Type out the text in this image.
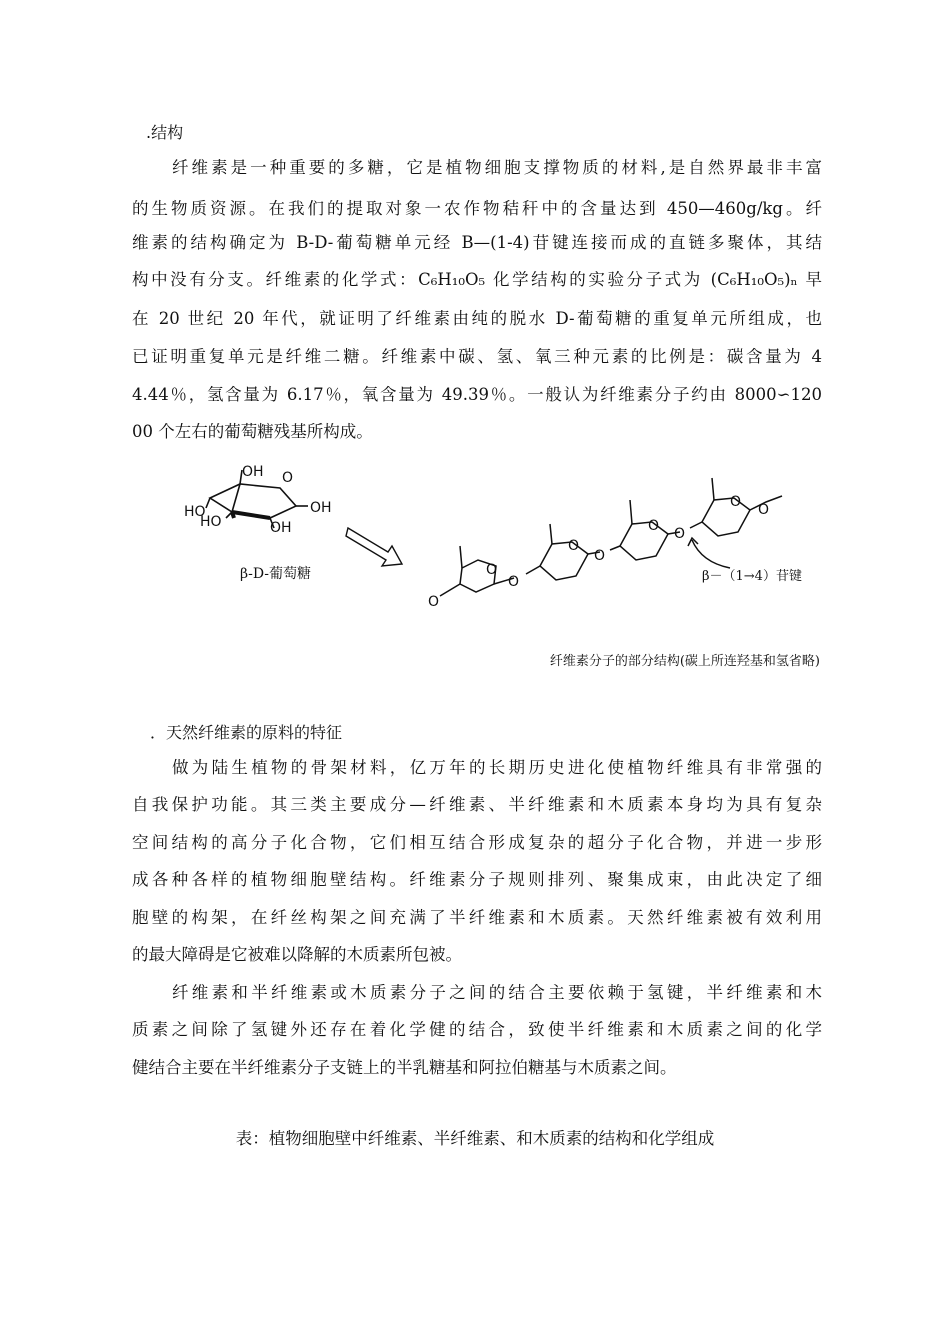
.结构
纤维素是一种重要的多糖，它是植物细胞支撑物质的材料,是自然界最非丰富
的生物质资源。在我们的提取对象一农作物秸秆中的含量达到 450—460g/kg。纤
维素的结构确定为 B-D-葡萄糖单元经 B—(1-4)苷键连接而成的直链多聚体，其结
构中没有分支。纤维素的化学式：C₆H₁₀O₅ 化学结构的实验分子式为 (C₆H₁₀O₅)ₙ 早
在 20 世纪 20 年代，就证明了纤维素由纯的脱水 D-葡萄糖的重复单元所组成，也
已证明重复单元是纤维二糖。纤维素中碳、氢、氧三种元素的比例是：碳含量为 4
4.44％，氢含量为 6.17％，氧含量为 49.39％。一般认为纤维素分子约由 8000∽120
00 个左右的葡萄糖残基所构成。
OH O
HO
HO	OH
OH
β-D-葡萄糖	O
O
O
O
O
O
O
O
O
β－（1→4）苷键
纤维素分子的部分结构(碳上所连羟基和氢省略)
．天然纤维素的原料的特征
做为陆生植物的骨架材料，亿万年的长期历史进化使植物纤维具有非常强的
自我保护功能。其三类主要成分—纤维素、半纤维素和木质素本身均为具有复杂
空间结构的高分子化合物，它们相互结合形成复杂的超分子化合物，并进一步形
成各种各样的植物细胞壁结构。纤维素分子规则排列、聚集成束，由此决定了细
胞壁的构架，在纤丝构架之间充满了半纤维素和木质素。天然纤维素被有效利用
的最大障碍是它被难以降解的木质素所包被。
纤维素和半纤维素或木质素分子之间的结合主要依赖于氢键，半纤维素和木
质素之间除了氢键外还存在着化学健的结合，致使半纤维素和木质素之间的化学
健结合主要在半纤维素分子支链上的半乳糖基和阿拉伯糖基与木质素之间。
表：植物细胞壁中纤维素、半纤维素、和木质素的结构和化学组成
